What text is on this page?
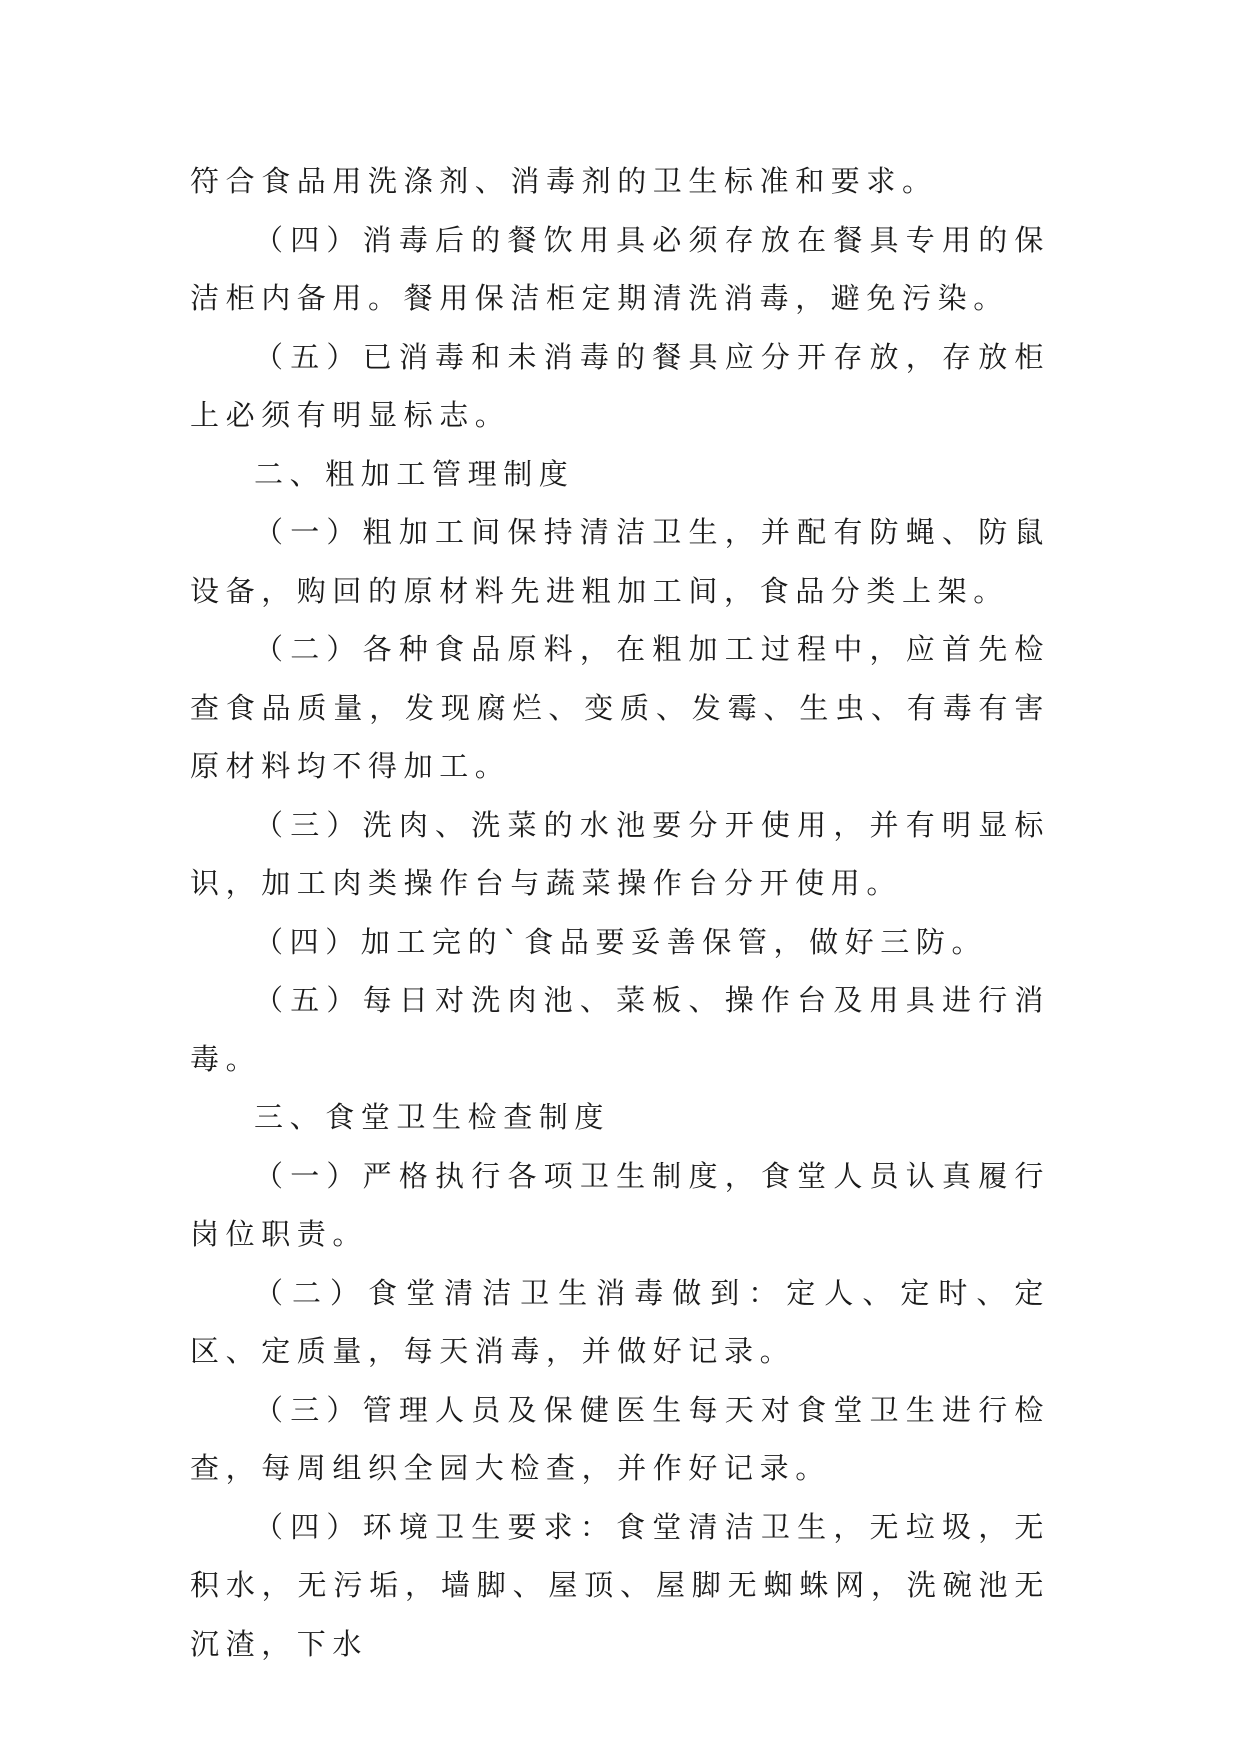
符合食品用洗涤剂、消毒剂的卫生标准和要求。

（四）消毒后的餐饮用具必须存放在餐具专用的保洁柜内备用。餐用保洁柜定期清洗消毒，避免污染。

（五）已消毒和未消毒的餐具应分开存放，存放柜上必须有明显标志。

二、粗加工管理制度

（一）粗加工间保持清洁卫生，并配有防蝇、防鼠设备，购回的原材料先进粗加工间，食品分类上架。

（二）各种食品原料，在粗加工过程中，应首先检查食品质量，发现腐烂、变质、发霉、生虫、有毒有害原材料均不得加工。

（三）洗肉、洗菜的水池要分开使用，并有明显标识，加工肉类操作台与蔬菜操作台分开使用。

（四）加工完的`食品要妥善保管，做好三防。

（五）每日对洗肉池、菜板、操作台及用具进行消毒。

三、食堂卫生检查制度

（一）严格执行各项卫生制度，食堂人员认真履行岗位职责。

（二）食堂清洁卫生消毒做到：定人、定时、定区、定质量，每天消毒，并做好记录。

（三）管理人员及保健医生每天对食堂卫生进行检查，每周组织全园大检查，并作好记录。

（四）环境卫生要求：食堂清洁卫生，无垃圾，无积水，无污垢，墙脚、屋顶、屋脚无蜘蛛网，洗碗池无沉渣，下水
